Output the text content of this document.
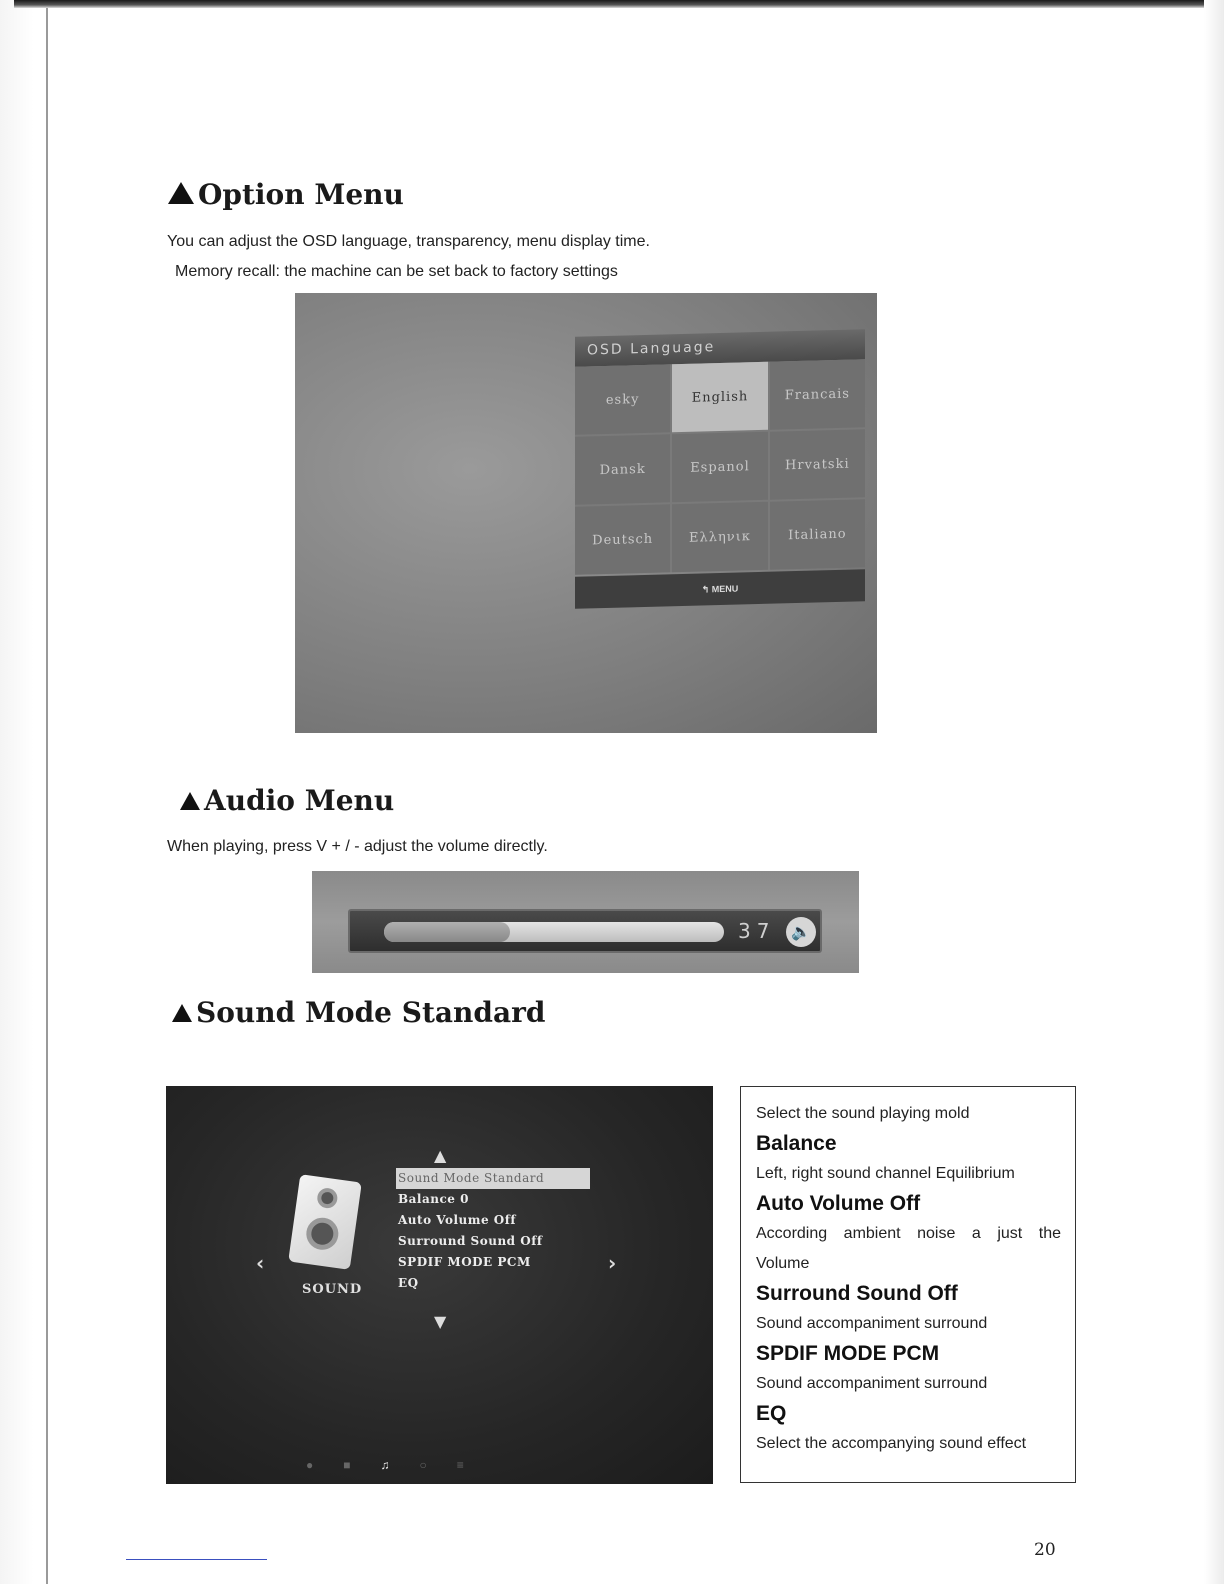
Option Menu
You can adjust the OSD language, transparency, menu display time.
Memory recall: the machine can be set back to factory settings
OSD Language
esky	English	Francais
Dansk	Espanol	Hrvatski
Deutsch	Ελληνικ	Italiano
↰ MENU
Audio Menu
When playing, press V + / - adjust the volume directly.
37 🔈
Sound Mode Standard
▲
SOUND
‹	›
Sound Mode Standard
Balance 0
Auto Volume Off
Surround Sound Off
SPDIF MODE PCM
EQ
▼
●	■	♫	○	≡
Select the sound playing mold
Balance
Left, right sound channel Equilibrium
Auto Volume Off
According ambient noise a just the
Volume
Surround Sound Off
Sound accompaniment surround
SPDIF MODE PCM
Sound accompaniment surround
EQ
Select the accompanying sound effect
20
